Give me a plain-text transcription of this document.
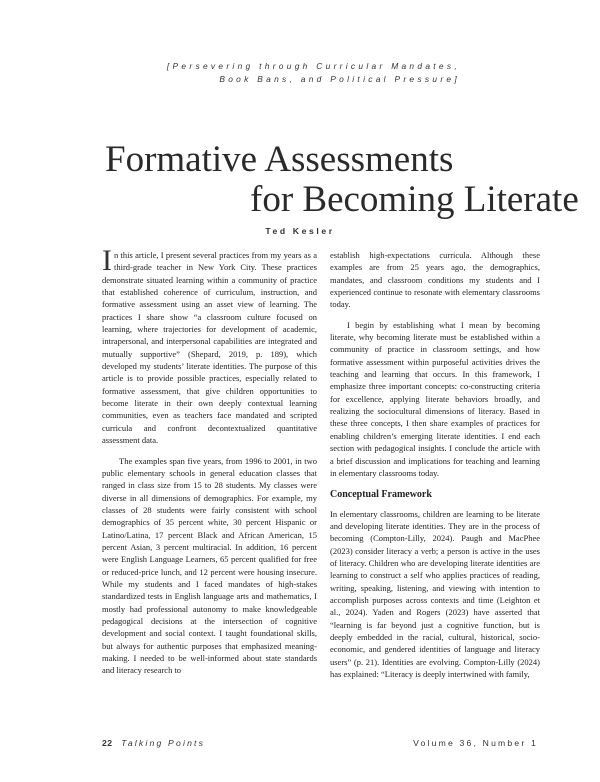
[Persevering through Curricular Mandates,
Book Bans, and Political Pressure]
Formative Assessments
for Becoming Literate
Ted Kesler

In this article, I present several practices from my years as a third-grade teacher in New York City. These practices demonstrate situated learning within a community of practice that established coherence of curriculum, instruction, and formative assessment using an asset view of learning. The practices I share show “a classroom culture focused on learning, where trajectories for development of academic, intrapersonal, and interpersonal capabilities are integrated and mutually supportive” (Shepard, 2019, p. 189), which developed my students’ literate identities. The purpose of this article is to provide possible practices, especially related to formative assessment, that give children opportunities to become literate in their own deeply contextual learning communities, even as teachers face mandated and scripted curricula and confront decontextualized quantitative assessment data.

The examples span five years, from 1996 to 2001, in two public elementary schools in general education classes that ranged in class size from 15 to 28 students. My classes were diverse in all dimensions of demographics. For example, my classes of 28 students were fairly consistent with school demographics of 35 percent white, 30 percent Hispanic or Latino/Latina, 17 percent Black and African American, 15 percent Asian, 3 percent multiracial. In addition, 16 percent were English Language Learners, 65 percent qualified for free or reduced-price lunch, and 12 percent were housing insecure. While my students and I faced mandates of high-stakes standardized tests in English language arts and mathematics, I mostly had professional autonomy to make knowledgeable pedagogical decisions at the intersection of cognitive development and social context. I taught foundational skills, but always for authentic purposes that emphasized meaning-making. I needed to be well-informed about state standards and literacy research to

establish high-expectations curricula. Although these examples are from 25 years ago, the demographics, mandates, and classroom conditions my students and I experienced continue to resonate with elementary classrooms today.

I begin by establishing what I mean by becoming literate, why becoming literate must be established within a community of practice in classroom settings, and how formative assessment within purposeful activities drives the teaching and learning that occurs. In this framework, I emphasize three important concepts: co-constructing criteria for excellence, applying literate behaviors broadly, and realizing the sociocultural dimensions of literacy. Based in these three concepts, I then share examples of practices for enabling children’s emerging literate identities. I end each section with pedagogical insights. I conclude the article with a brief discussion and implications for teaching and learning in elementary classrooms today.

Conceptual Framework

In elementary classrooms, children are learning to be literate and developing literate identities. They are in the process of becoming (Compton-Lilly, 2024). Paugh and MacPhee (2023) consider literacy a verb; a person is active in the uses of literacy. Children who are developing literate identities are learning to construct a self who applies practices of reading, writing, speaking, listening, and viewing with intention to accomplish purposes across contexts and time (Leighton et al., 2024). Yaden and Rogers (2023) have asserted that “learning is far beyond just a cognitive function, but is deeply embedded in the racial, cultural, historical, socio-economic, and gendered identities of language and literacy users” (p. 21). Identities are evolving. Compton-Lilly (2024) has explained: “Literacy is deeply intertwined with family,

22 Talking Points	Volume 36, Number 1
